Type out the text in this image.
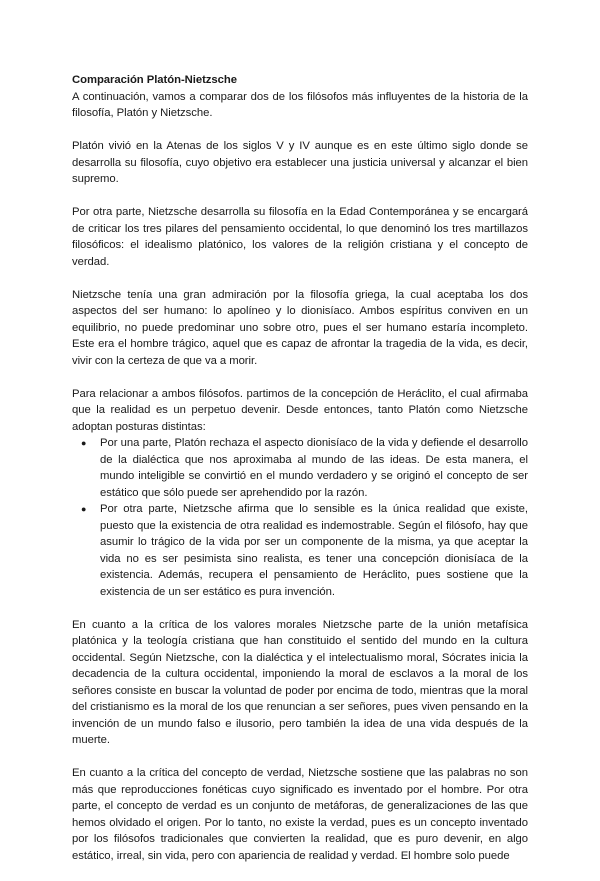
Comparación Platón-Nietzsche

A continuación, vamos a comparar dos de los filósofos más influyentes de la historia de la filosofía, Platón y Nietzsche.

Platón vivió en la Atenas de los siglos V y IV aunque es en este último siglo donde se desarrolla su filosofía, cuyo objetivo era establecer una justicia universal y alcanzar el bien supremo.

Por otra parte, Nietzsche desarrolla su filosofía en la Edad Contemporánea y se encargará de criticar los tres pilares del pensamiento occidental, lo que denominó los tres martillazos filosóficos: el idealismo platónico, los valores de la religión cristiana y el concepto de verdad.

Nietzsche tenía una gran admiración por la filosofía griega, la cual aceptaba los dos aspectos del ser humano: lo apolíneo y lo dionisíaco. Ambos espíritus conviven en un equilibrio, no puede predominar uno sobre otro, pues el ser humano estaría incompleto. Este era el hombre trágico, aquel que es capaz de afrontar la tragedia de la vida, es decir, vivir con la certeza de que va a morir.

Para relacionar a ambos filósofos. partimos de la concepción de Heráclito, el cual afirmaba que la realidad es un perpetuo devenir. Desde entonces, tanto Platón como Nietzsche adoptan posturas distintas:

● Por una parte, Platón rechaza el aspecto dionisíaco de la vida y defiende el desarrollo de la dialéctica que nos aproximaba al mundo de las ideas. De esta manera, el mundo inteligible se convirtió en el mundo verdadero y se originó el concepto de ser estático que sólo puede ser aprehendido por la razón.
● Por otra parte, Nietzsche afirma que lo sensible es la única realidad que existe, puesto que la existencia de otra realidad es indemostrable. Según el filósofo, hay que asumir lo trágico de la vida por ser un componente de la misma, ya que aceptar la vida no es ser pesimista sino realista, es tener una concepción dionisíaca de la existencia. Además, recupera el pensamiento de Heráclito, pues sostiene que la existencia de un ser estático es pura invención.

En cuanto a la crítica de los valores morales Nietzsche parte de la unión metafísica platónica y la teología cristiana que han constituido el sentido del mundo en la cultura occidental. Según Nietzsche, con la dialéctica y el intelectualismo moral, Sócrates inicia la decadencia de la cultura occidental, imponiendo la moral de esclavos a la moral de los señores consiste en buscar la voluntad de poder por encima de todo, mientras que la moral del cristianismo es la moral de los que renuncian a ser señores, pues viven pensando en la invención de un mundo falso e ilusorio, pero también la idea de una vida después de la muerte.

En cuanto a la crítica del concepto de verdad, Nietzsche sostiene que las palabras no son más que reproducciones fonéticas cuyo significado es inventado por el hombre. Por otra parte, el concepto de verdad es un conjunto de metáforas, de generalizaciones de las que hemos olvidado el origen. Por lo tanto, no existe la verdad, pues es un concepto inventado por los filósofos tradicionales que convierten la realidad, que es puro devenir, en algo estático, irreal, sin vida, pero con apariencia de realidad y verdad. El hombre solo puede
